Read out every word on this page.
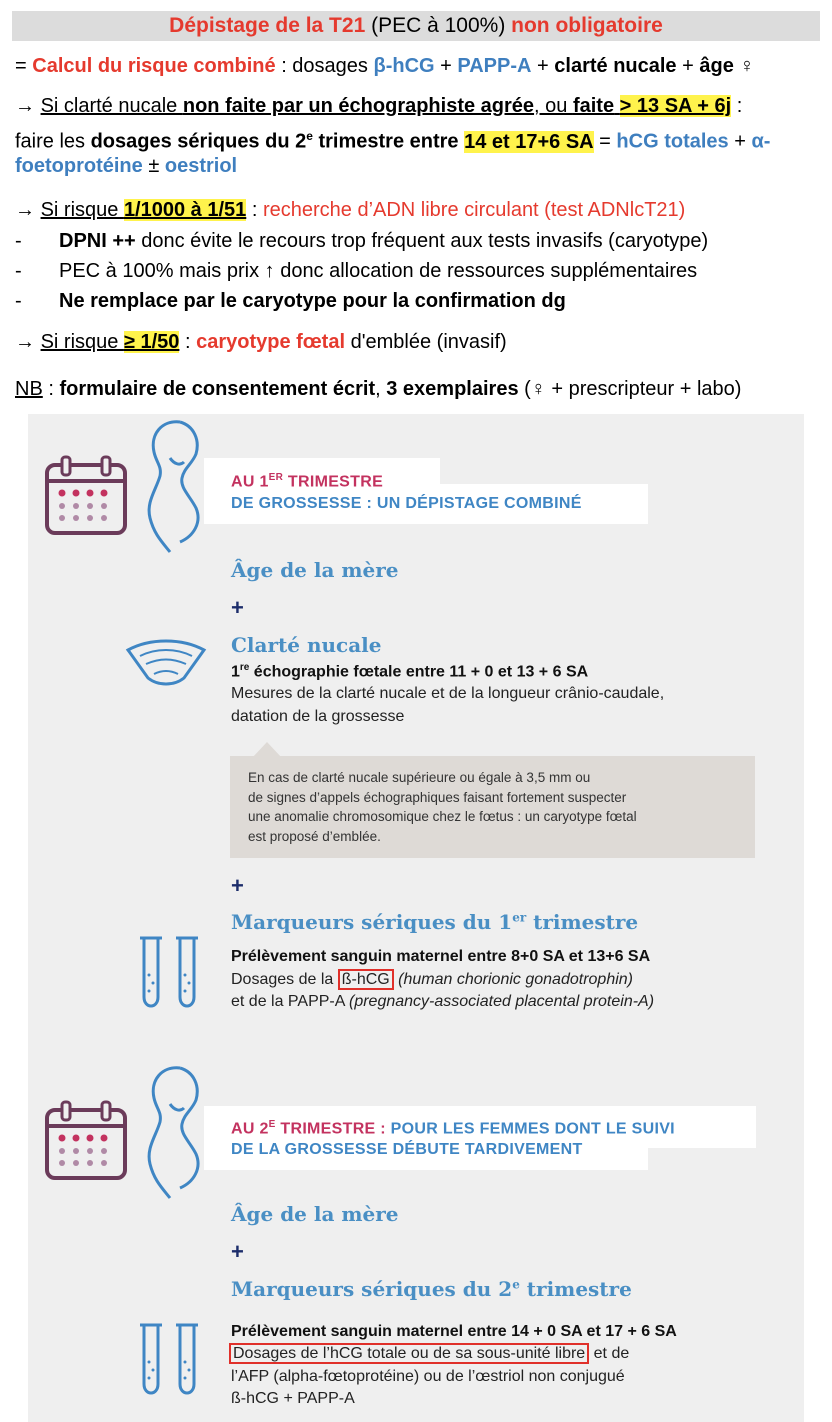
Dépistage de la T21 (PEC à 100%) non obligatoire
= Calcul du risque combiné : dosages β-hCG + PAPP-A + clarté nucale + âge ♀
→ Si clarté nucale non faite par un échographiste agrée, ou faite > 13 SA + 6j :
faire les dosages sériques du 2e trimestre entre 14 et 17+6 SA = hCG totales + α-
foetoprotéine ± oestriol
→ Si risque 1/1000 à 1/51 : recherche d’ADN libre circulant (test ADNlcT21)
-	DPNI ++ donc évite le recours trop fréquent aux tests invasifs (caryotype)
-	PEC à 100% mais prix ↑ donc allocation de ressources supplémentaires
-	Ne remplace par le caryotype pour la confirmation dg
→ Si risque ≥ 1/50 : caryotype fœtal d'emblée (invasif)
NB : formulaire de consentement écrit, 3 exemplaires (♀ + prescripteur + labo)
AU 1ER TRIMESTRE
DE GROSSESSE : UN DÉPISTAGE COMBINÉ
Âge de la mère
+
Clarté nucale
1re échographie fœtale entre 11 + 0 et 13 + 6 SA
Mesures de la clarté nucale et de la longueur crânio-caudale,
datation de la grossesse
En cas de clarté nucale supérieure ou égale à 3,5 mm ou
de signes d’appels échographiques faisant fortement suspecter
une anomalie chromosomique chez le fœtus : un caryotype fœtal
est proposé d’emblée.
+
Marqueurs sériques du 1er trimestre
Prélèvement sanguin maternel entre 8+0 SA et 13+6 SA
Dosages de la ß-hCG (human chorionic gonadotrophin)
et de la PAPP-A (pregnancy-associated placental protein-A)
AU $2^E$ TRIMESTRE : POUR LES FEMMES DONT LE SUIVI
DE LA GROSSESSE DÉBUTE TARDIVEMENT
Âge de la mère
+
Marqueurs sériques du 2e trimestre
Prélèvement sanguin maternel entre 14 + 0 SA et 17 + 6 SA
Dosages de l’hCG totale ou de sa sous-unité libre et de
l’AFP (alpha-fœtoprotéine) ou de l’œstriol non conjugué
ß-hCG + PAPP-A
